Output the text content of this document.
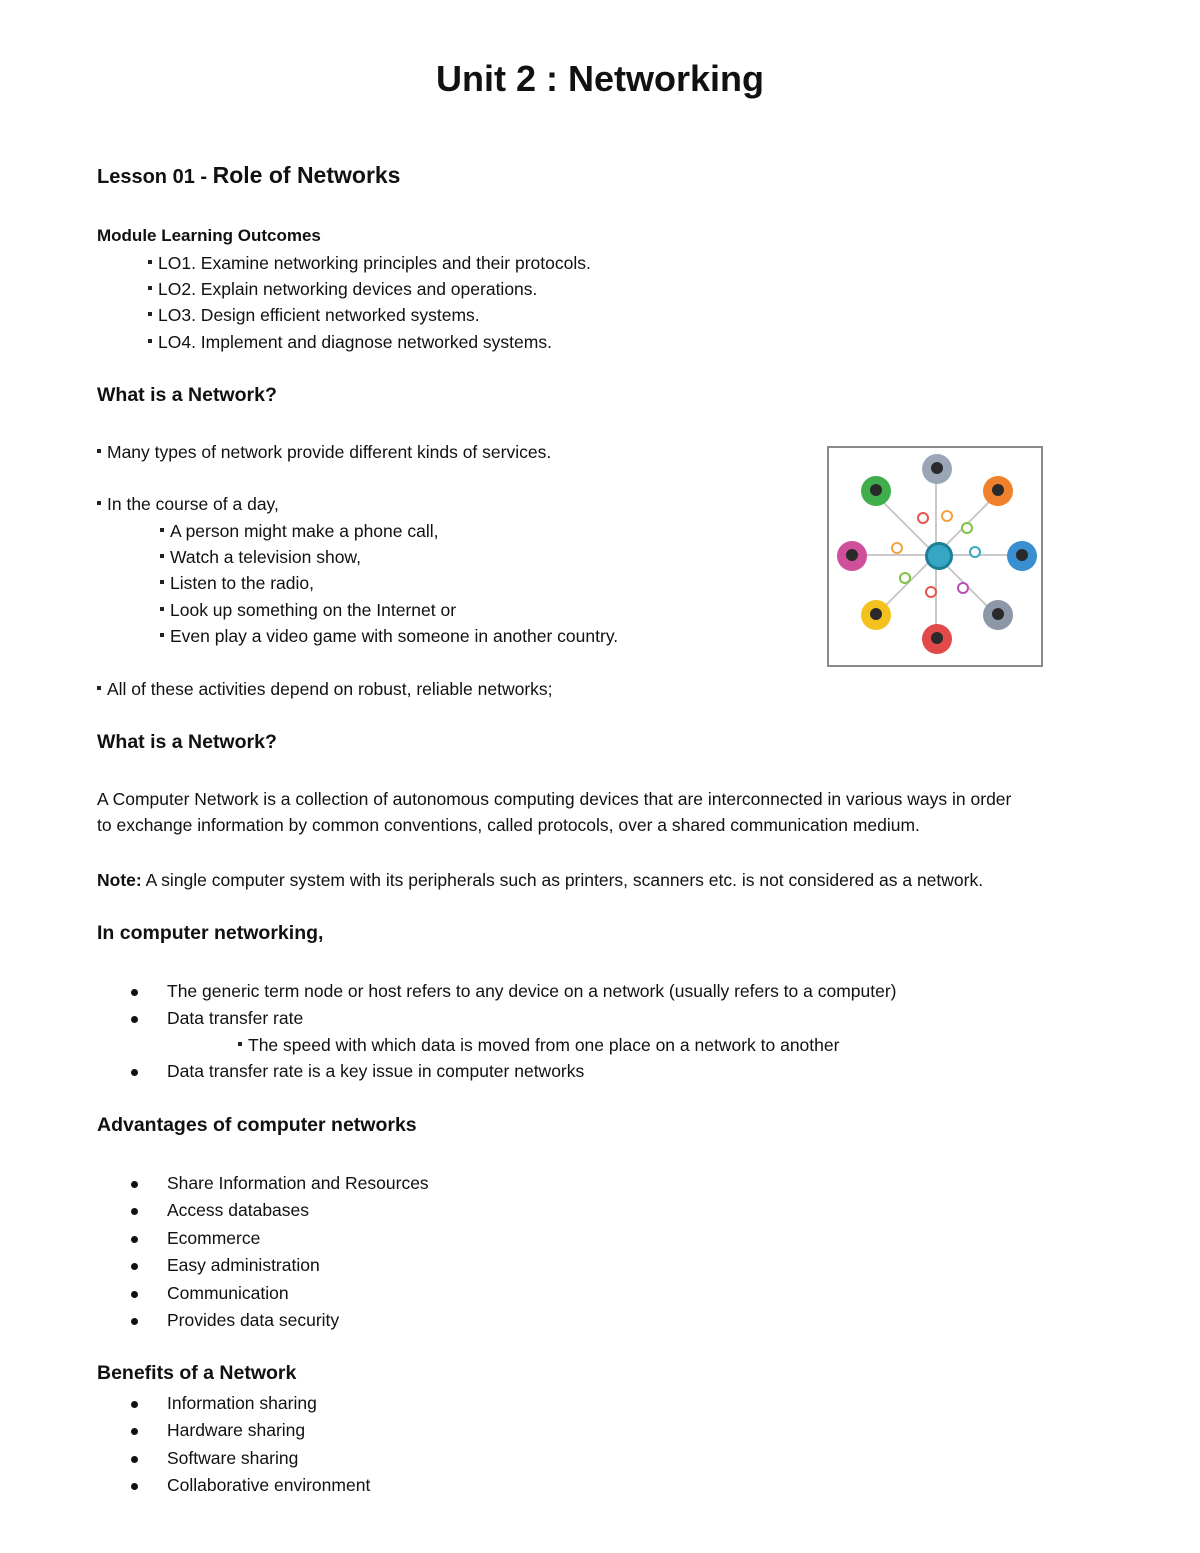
Unit 2 : Networking
Lesson 01 - Role of Networks
Module Learning Outcomes
LO1. Examine networking principles and their protocols.
LO2. Explain networking devices and operations.
LO3. Design efficient networked systems.
LO4. Implement and diagnose networked systems.
What is a Network?
Many types of network provide different kinds of services.
In the course of a day,
A person might make a phone call,
Watch a television show,
Listen to the radio,
Look up something on the Internet or
Even play a video game with someone in another country.
All of these activities depend on robust, reliable networks;
What is a Network?
A Computer Network is a collection of autonomous computing devices that are interconnected in various ways in order
to exchange information by common conventions, called protocols, over a shared communication medium.
Note: A single computer system with its peripherals such as printers, scanners etc. is not considered as a network.
In computer networking,
The generic term node or host refers to any device on a network (usually refers to a computer)
Data transfer rate
The speed with which data is moved from one place on a network to another
Data transfer rate is a key issue in computer networks
Advantages of computer networks
Share Information and Resources
Access databases
Ecommerce
Easy administration
Communication
Provides data security
Benefits of a Network
Information sharing
Hardware sharing
Software sharing
Collaborative environment
